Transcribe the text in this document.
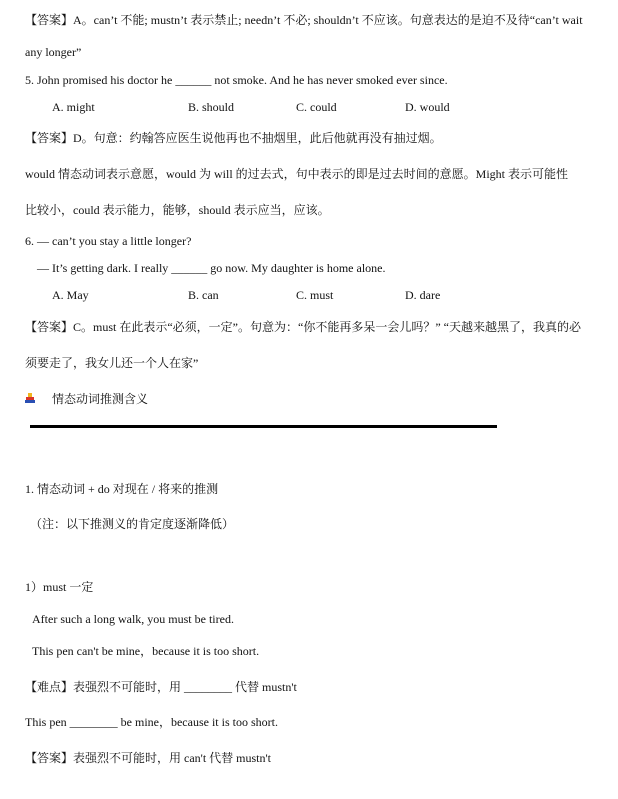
【答案】A。can’t 不能; mustn’t 表示禁止; needn’t 不必; shouldn’t 不应该。句意表达的是迫不及待“can’t wait
any longer”
5. John promised his doctor he ______ not smoke. And he has never smoked ever since.
A. might	B. should	C. could	D. would
【答案】D。句意：约翰答应医生说他再也不抽烟里，此后他就再没有抽过烟。
would 情态动词表示意愿，would 为 will 的过去式，句中表示的即是过去时间的意愿。Might 表示可能性
比较小，could 表示能力，能够，should 表示应当，应该。
6. — can’t you stay a little longer?
— It’s getting dark. I really ______ go now. My daughter is home alone.
A. May	B. can	C. must	D. dare
【答案】C。must 在此表示“必须，一定”。句意为：“你不能再多呆一会儿吗？” “天越来越黑了，我真的必
须要走了，我女儿还一个人在家”
情态动词推测含义
1. 情态动词 + do 对现在 / 将来的推测
（注：以下推测义的肯定度逐渐降低）
1）must 一定
After such a long walk, you must be tired.
This pen can't be mine，because it is too short.
【难点】表强烈不可能时，用 ________ 代替 mustn't
This pen ________ be mine，because it is too short.
【答案】表强烈不可能时，用 can't 代替 mustn't
